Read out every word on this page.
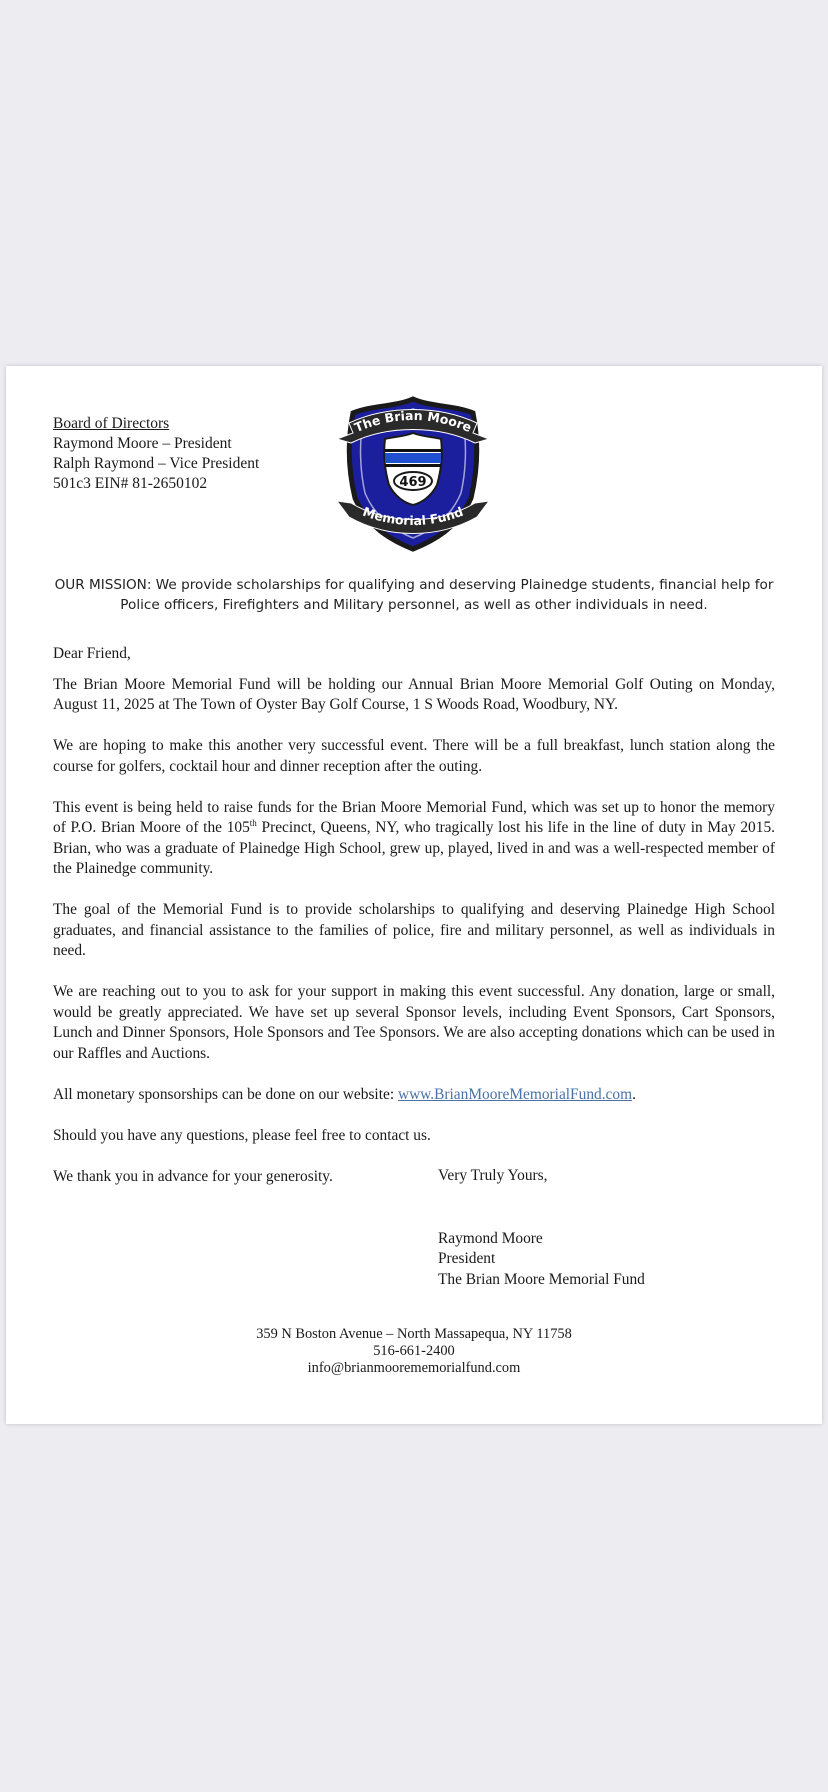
Board of Directors
Raymond Moore – President
Ralph Raymond – Vice President
501c3 EIN# 81-2650102	469
The Brian Moore
Memorial Fund
OUR MISSION: We provide scholarships for qualifying and deserving Plainedge students, financial help for Police officers, Firefighters and Military personnel, as well as other individuals in need.

Dear Friend,

The Brian Moore Memorial Fund will be holding our Annual Brian Moore Memorial Golf Outing on Monday, August 11, 2025 at The Town of Oyster Bay Golf Course, 1 S Woods Road, Woodbury, NY.

We are hoping to make this another very successful event. There will be a full breakfast, lunch station along the course for golfers, cocktail hour and dinner reception after the outing.

This event is being held to raise funds for the Brian Moore Memorial Fund, which was set up to honor the memory of P.O. Brian Moore of the 105th Precinct, Queens, NY, who tragically lost his life in the line of duty in May 2015. Brian, who was a graduate of Plainedge High School, grew up, played, lived in and was a well-respected member of the Plainedge community.

The goal of the Memorial Fund is to provide scholarships to qualifying and deserving Plainedge High School graduates, and financial assistance to the families of police, fire and military personnel, as well as individuals in need.

We are reaching out to you to ask for your support in making this event successful. Any donation, large or small, would be greatly appreciated. We have set up several Sponsor levels, including Event Sponsors, Cart Sponsors, Lunch and Dinner Sponsors, Hole Sponsors and Tee Sponsors. We are also accepting donations which can be used in our Raffles and Auctions.

All monetary sponsorships can be done on our website: www.BrianMooreMemorialFund.com.

Should you have any questions, please feel free to contact us.

We thank you in advance for your generosity.	Very Truly Yours,
Raymond Moore
President
The Brian Moore Memorial Fund
359 N Boston Avenue – North Massapequa, NY 11758
516-661-2400
info@brianmoorememorialfund.com
